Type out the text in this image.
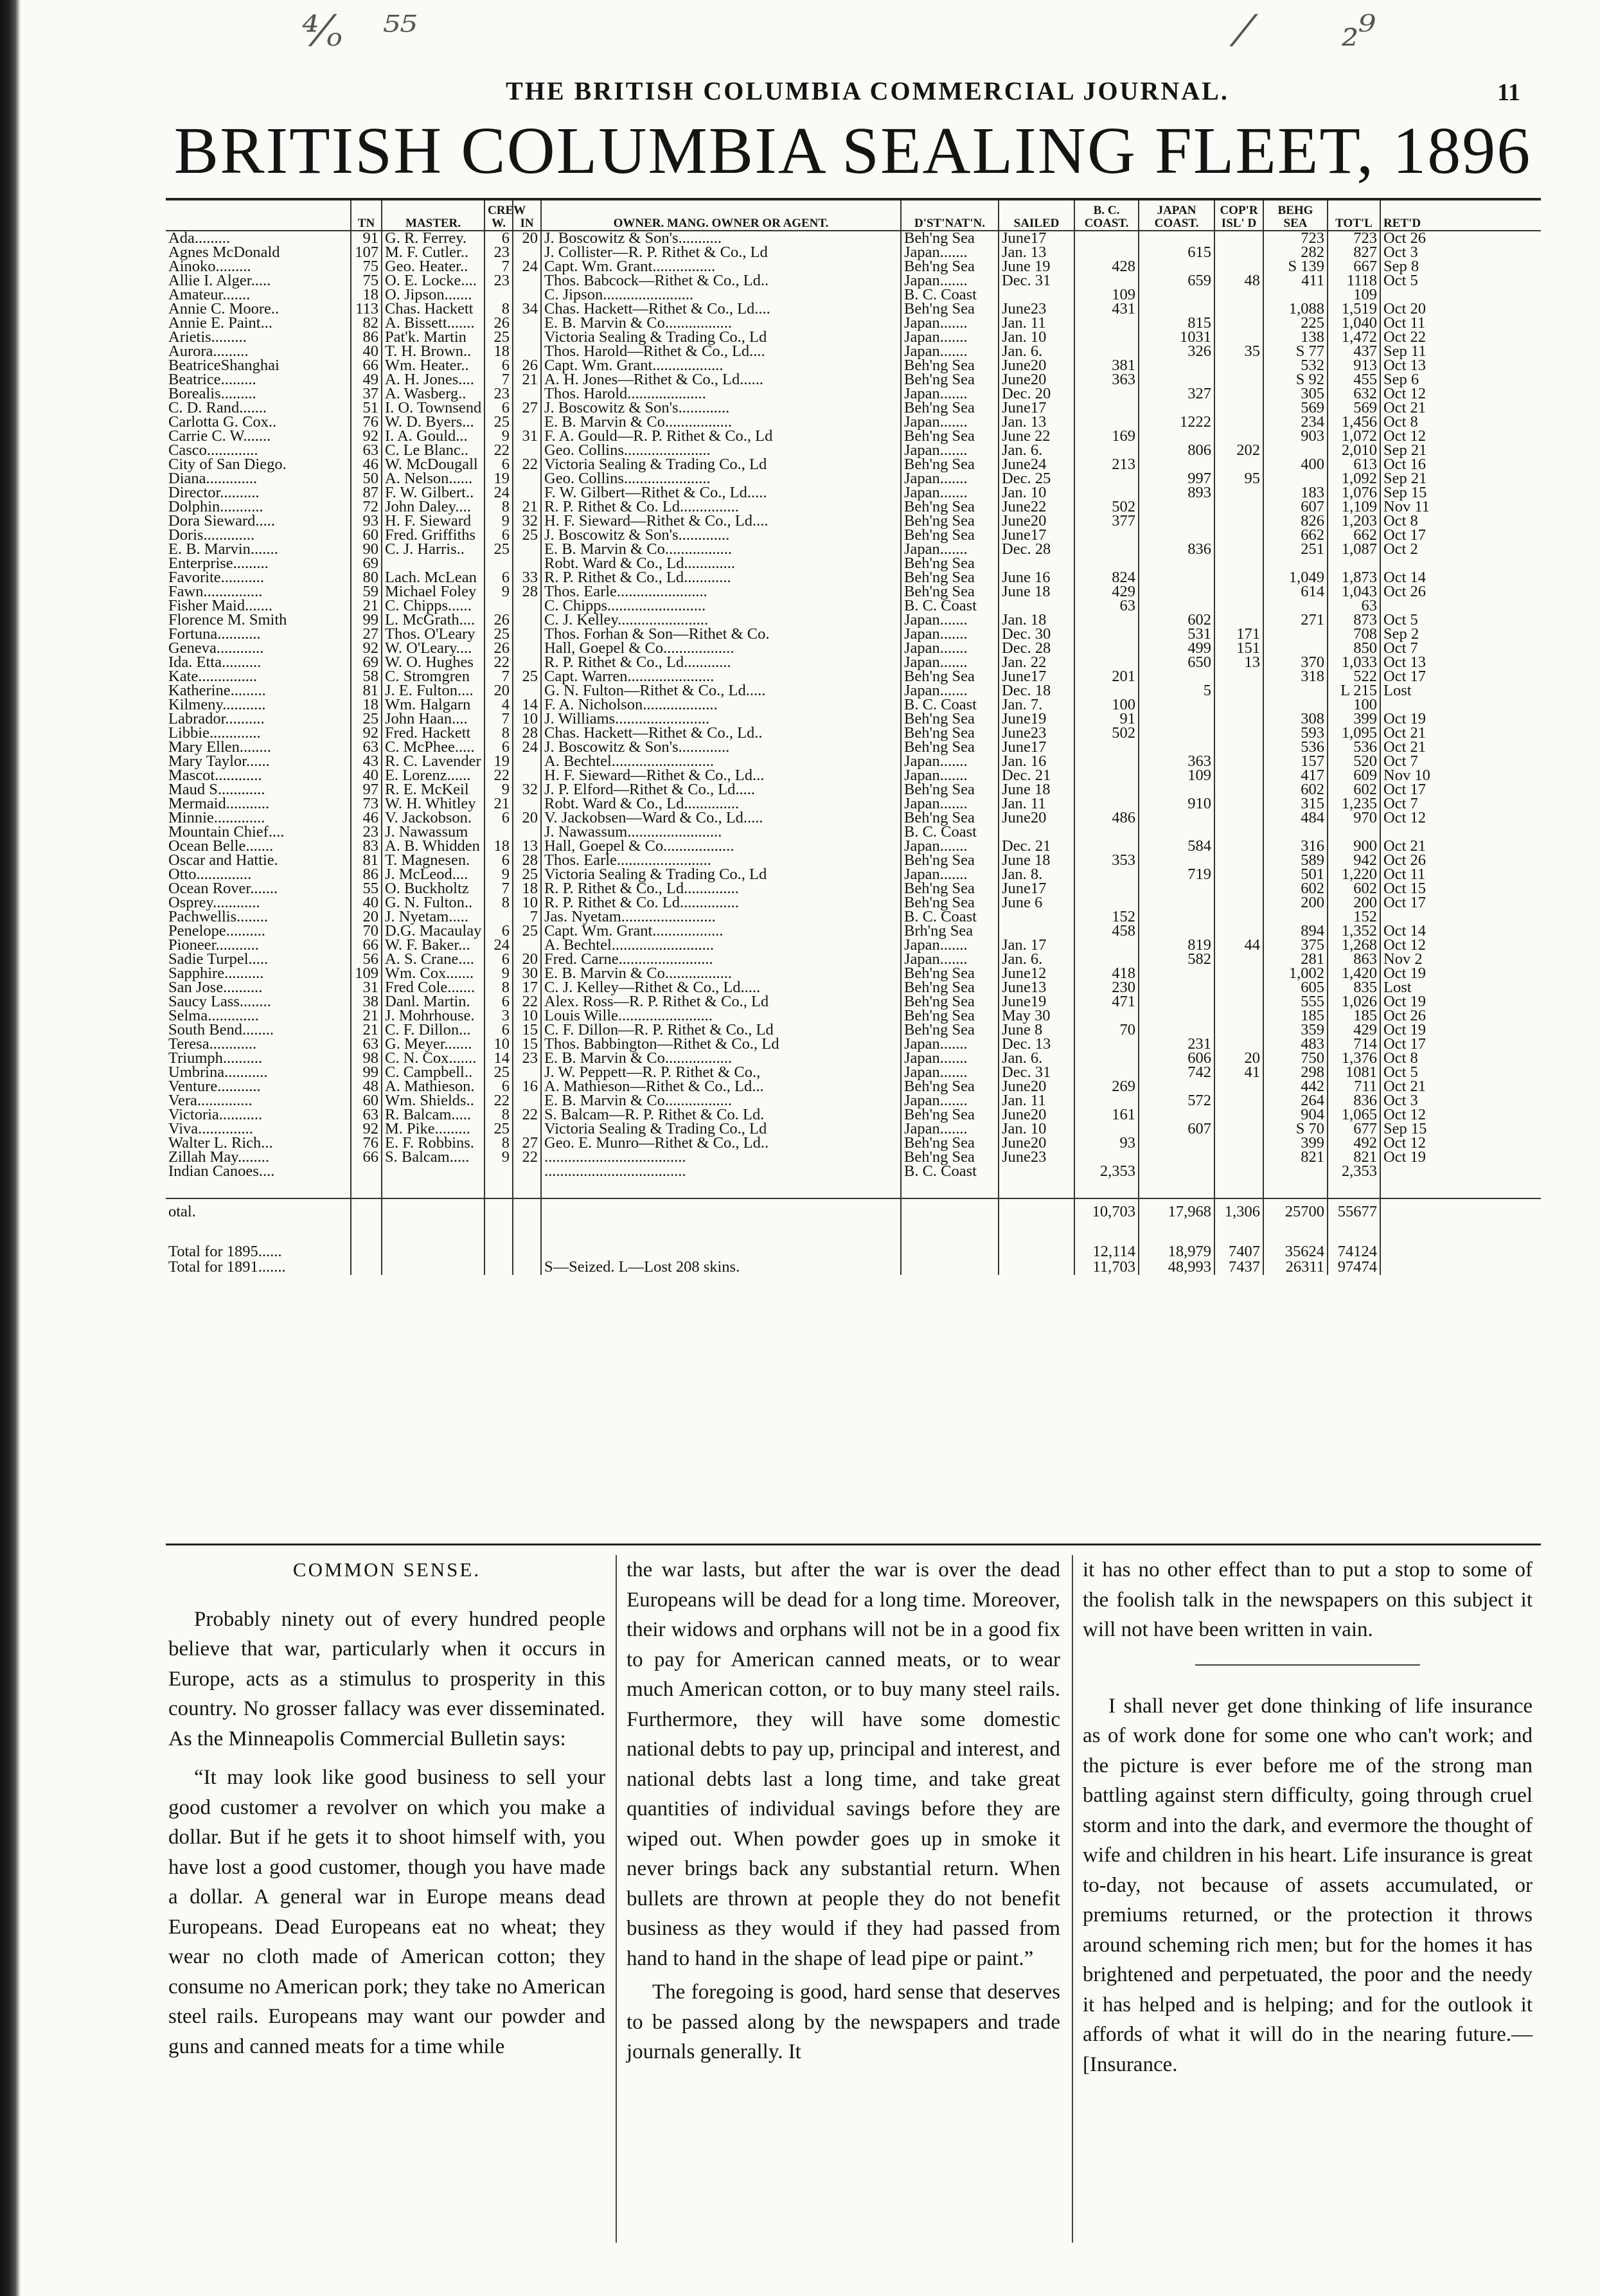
⁴⁄ₒ   ⁵⁵	⁄       ₂⁹
THE BRITISH COLUMBIA COMMERCIAL JOURNAL.	11
BRITISH COLUMBIA SEALING FLEET, 1896
	TN	MASTER.	CREW
W.	IN	OWNER. MANG. OWNER OR AGENT.	D'ST'NAT'N.	SAILED	B. C. COAST.	JAPAN COAST.	COP'R ISL' D	BEHG SEA	TOT'L	RET'D
Ada.........	91	G. R. Ferrey.	6	20	J. Boscowitz & Son's...........	Beh'ng Sea	June17				723	723	Oct 26
Agnes McDonald	107	M. F. Cutler..	23		J. Collister—R. P. Rithet & Co., Ld	Japan.......	Jan. 13		615		282	827	Oct 3
Ainoko.........	75	Geo. Heater..	7	24	Capt. Wm. Grant................	Beh'ng Sea	June 19	428			S 139	667	Sep 8
Allie I. Alger.....	75	O. E. Locke....	23		Thos. Babcock—Rithet & Co., Ld..	Japan.......	Dec. 31		659	48	411	1118	Oct 5
Amateur.......	18	O. Jipson.......			C. Jipson.......................	B. C. Coast		109				109	
Annie C. Moore..	113	Chas. Hackett	8	34	Chas. Hackett—Rithet & Co., Ld....	Beh'ng Sea	June23	431			1,088	1,519	Oct 20
Annie E. Paint...	82	A. Bissett.......	26		E. B. Marvin & Co.................	Japan.......	Jan. 11		815		225	1,040	Oct 11
Arietis.........	86	Pat'k. Martin	25		Victoria Sealing & Trading Co., Ld	Japan.......	Jan. 10		1031		138	1,472	Oct 22
Aurora.........	40	T. H. Brown..	18		Thos. Harold—Rithet & Co., Ld....	Japan.......	Jan. 6.		326	35	S 77	437	Sep 11
BeatriceShanghai	66	Wm. Heater..	6	26	Capt. Wm. Grant..................	Beh'ng Sea	June20	381			532	913	Oct 13
Beatrice.........	49	A. H. Jones....	7	21	A. H. Jones—Rithet & Co., Ld......	Beh'ng Sea	June20	363			S 92	455	Sep 6
Borealis.........	37	A. Wasberg..	23		Thos. Harold....................	Japan.......	Dec. 20		327		305	632	Oct 12
C. D. Rand.......	51	I. O. Townsend	6	27	J. Boscowitz & Son's.............	Beh'ng Sea	June17				569	569	Oct 21
Carlotta G. Cox..	76	W. D. Byers...	25		E. B. Marvin & Co.................	Japan.......	Jan. 13		1222		234	1,456	Oct 8
Carrie C. W.......	92	I. A. Gould...	9	31	F. A. Gould—R. P. Rithet & Co., Ld	Beh'ng Sea	June 22	169			903	1,072	Oct 12
Casco.............	63	C. Le Blanc..	22		Geo. Collins......................	Japan.......	Jan. 6.		806	202		2,010	Sep 21
City of San Diego.	46	W. McDougall	6	22	Victoria Sealing & Trading Co., Ld	Beh'ng Sea	June24	213			400	613	Oct 16
Diana.............	50	A. Nelson......	19		Geo. Collins......................	Japan.......	Dec. 25		997	95		1,092	Sep 21
Director..........	87	F. W. Gilbert..	24		F. W. Gilbert—Rithet & Co., Ld.....	Japan.......	Jan. 10		893		183	1,076	Sep 15
Dolphin...........	72	John Daley....	8	21	R. P. Rithet & Co. Ld...............	Beh'ng Sea	June22	502			607	1,109	Nov 11
Dora Sieward.....	93	H. F. Sieward	9	32	H. F. Sieward—Rithet & Co., Ld....	Beh'ng Sea	June20	377			826	1,203	Oct 8
Doris.............	60	Fred. Griffiths	6	25	J. Boscowitz & Son's.............	Beh'ng Sea	June17				662	662	Oct 17
E. B. Marvin.......	90	C. J. Harris..	25		E. B. Marvin & Co.................	Japan.......	Dec. 28		836		251	1,087	Oct 2
Enterprise.........	69				Robt. Ward & Co., Ld.............	Beh'ng Sea							
Favorite...........	80	Lach. McLean	6	33	R. P. Rithet & Co., Ld............	Beh'ng Sea	June 16	824			1,049	1,873	Oct 14
Fawn...............	59	Michael Foley	9	28	Thos. Earle.......................	Beh'ng Sea	June 18	429			614	1,043	Oct 26
Fisher Maid.......	21	C. Chipps......			C. Chipps.........................	B. C. Coast		63				63	
Florence M. Smith	99	L. McGrath....	26		C. J. Kelley.......................	Japan.......	Jan. 18		602		271	873	Oct 5
Fortuna...........	27	Thos. O'Leary	25		Thos. Forhan & Son—Rithet & Co.	Japan.......	Dec. 30		531	171		708	Sep 2
Geneva............	92	W. O'Leary....	26		Hall, Goepel & Co..................	Japan.......	Dec. 28		499	151		850	Oct 7
Ida. Etta..........	69	W. O. Hughes	22		R. P. Rithet & Co., Ld............	Japan.......	Jan. 22		650	13	370	1,033	Oct 13
Kate...............	58	C. Stromgren	7	25	Capt. Warren......................	Beh'ng Sea	June17	201			318	522	Oct 17
Katherine.........	81	J. E. Fulton....	20		G. N. Fulton—Rithet & Co., Ld.....	Japan.......	Dec. 18		5			L 215	Lost
Kilmeny...........	18	Wm. Halgarn	4	14	F. A. Nicholson...................	B. C. Coast	Jan. 7.	100				100	
Labrador..........	25	John Haan....	7	10	J. Williams........................	Beh'ng Sea	June19	91			308	399	Oct 19
Libbie.............	92	Fred. Hackett	8	28	Chas. Hackett—Rithet & Co., Ld..	Beh'ng Sea	June23	502			593	1,095	Oct 21
Mary Ellen........	63	C. McPhee.....	6	24	J. Boscowitz & Son's.............	Beh'ng Sea	June17				536	536	Oct 21
Mary Taylor......	43	R. C. Lavender	19		A. Bechtel..........................	Japan.......	Jan. 16		363		157	520	Oct 7
Mascot............	40	E. Lorenz......	22		H. F. Sieward—Rithet & Co., Ld...	Japan.......	Dec. 21		109		417	609	Nov 10
Maud S............	97	R. E. McKeil	9	32	J. P. Elford—Rithet & Co., Ld.....	Beh'ng Sea	June 18				602	602	Oct 17
Mermaid...........	73	W. H. Whitley	21		Robt. Ward & Co., Ld..............	Japan.......	Jan. 11		910		315	1,235	Oct 7
Minnie.............	46	V. Jackobson.	6	20	V. Jackobsen—Ward & Co., Ld.....	Beh'ng Sea	June20	486			484	970	Oct 12
Mountain Chief....	23	J. Nawassum			J. Nawassum........................	B. C. Coast							
Ocean Belle.......	83	A. B. Whidden	18	13	Hall, Goepel & Co..................	Japan.......	Dec. 21		584		316	900	Oct 21
Oscar and Hattie.	81	T. Magnesen.	6	28	Thos. Earle........................	Beh'ng Sea	June 18	353			589	942	Oct 26
Otto..............	86	J. McLeod....	9	25	Victoria Sealing & Trading Co., Ld	Japan.......	Jan. 8.		719		501	1,220	Oct 11
Ocean Rover.......	55	O. Buckholtz	7	18	R. P. Rithet & Co., Ld..............	Beh'ng Sea	June17				602	602	Oct 15
Osprey............	40	G. N. Fulton..	8	10	R. P. Rithet & Co. Ld...............	Beh'ng Sea	June 6				200	200	Oct 17
Pachwellis........	20	J. Nyetam.....		7	Jas. Nyetam........................	B. C. Coast		152				152	
Penelope..........	70	D.G. Macaulay	6	25	Capt. Wm. Grant..................	Brh'ng Sea		458			894	1,352	Oct 14
Pioneer...........	66	W. F. Baker...	24		A. Bechtel..........................	Japan.......	Jan. 17		819	44	375	1,268	Oct 12
Sadie Turpel.....	56	A. S. Crane....	6	20	Fred. Carne........................	Japan.......	Jan. 6.		582		281	863	Nov 2
Sapphire..........	109	Wm. Cox.......	9	30	E. B. Marvin & Co.................	Beh'ng Sea	June12	418			1,002	1,420	Oct 19
San Jose..........	31	Fred Cole.......	8	17	C. J. Kelley—Rithet & Co., Ld.....	Beh'ng Sea	June13	230			605	835	Lost
Saucy Lass........	38	Danl. Martin.	6	22	Alex. Ross—R. P. Rithet & Co., Ld	Beh'ng Sea	June19	471			555	1,026	Oct 19
Selma.............	21	J. Mohrhouse.	3	10	Louis Wille........................	Beh'ng Sea	May 30				185	185	Oct 26
South Bend........	21	C. F. Dillon...	6	15	C. F. Dillon—R. P. Rithet & Co., Ld	Beh'ng Sea	June 8	70			359	429	Oct 19
Teresa............	63	G. Meyer.......	10	15	Thos. Babbington—Rithet & Co., Ld	Japan.......	Dec. 13		231		483	714	Oct 17
Triumph..........	98	C. N. Cox.......	14	23	E. B. Marvin & Co.................	Japan.......	Jan. 6.		606	20	750	1,376	Oct 8
Umbrina...........	99	C. Campbell..	25		J. W. Peppett—R. P. Rithet & Co.,	Japan.......	Dec. 31		742	41	298	1081	Oct 5
Venture...........	48	A. Mathieson.	6	16	A. Mathieson—Rithet & Co., Ld...	Beh'ng Sea	June20	269			442	711	Oct 21
Vera..............	60	Wm. Shields..	22		E. B. Marvin & Co.................	Japan.......	Jan. 11		572		264	836	Oct 3
Victoria...........	63	R. Balcam.....	8	22	S. Balcam—R. P. Rithet & Co. Ld.	Beh'ng Sea	June20	161			904	1,065	Oct 12
Viva..............	92	M. Pike.........	25		Victoria Sealing & Trading Co., Ld	Japan.......	Jan. 10		607		S 70	677	Sep 15
Walter L. Rich...	76	E. F. Robbins.	8	27	Geo. E. Munro—Rithet & Co., Ld..	Beh'ng Sea	June20	93			399	492	Oct 12
Zillah May........	66	S. Balcam.....	9	22	....................................	Beh'ng Sea	June23				821	821	Oct 19
Indian Canoes....					....................................	B. C. Coast		2,353				2,353	

otal.								10,703	17,968	1,306	25700	55677	

Total for 1895......								12,114	18,979	7407	35624	74124	
Total for 1891.......					S—Seized. L—Lost 208 skins.			11,703	48,993	7437	26311	97474	

COMMON SENSE.

Probably ninety out of every hundred people believe that war, particularly when it occurs in Europe, acts as a stimulus to prosperity in this country. No grosser fallacy was ever disseminated. As the Minneapolis Commercial Bulletin says:

“It may look like good business to sell your good customer a revolver on which you make a dollar. But if he gets it to shoot himself with, you have lost a good customer, though you have made a dollar. A general war in Europe means dead Europeans. Dead Europeans eat no wheat; they wear no cloth made of American cotton; they consume no American pork; they take no American steel rails. Europeans may want our powder and guns and canned meats for a time while

the war lasts, but after the war is over the dead Europeans will be dead for a long time. Moreover, their widows and orphans will not be in a good fix to pay for American canned meats, or to wear much American cotton, or to buy many steel rails. Furthermore, they will have some domestic national debts to pay up, principal and interest, and national debts last a long time, and take great quantities of individual savings before they are wiped out. When powder goes up in smoke it never brings back any substantial return. When bullets are thrown at people they do not benefit business as they would if they had passed from hand to hand in the shape of lead pipe or paint.”

The foregoing is good, hard sense that deserves to be passed along by the newspapers and trade journals generally. It

it has no other effect than to put a stop to some of the foolish talk in the newspapers on this subject it will not have been written in vain.

I shall never get done thinking of life insurance as of work done for some one who can't work; and the picture is ever before me of the strong man battling against stern difficulty, going through cruel storm and into the dark, and evermore the thought of wife and children in his heart. Life insurance is great to-day, not because of assets accumulated, or premiums returned, or the protection it throws around scheming rich men; but for the homes it has brightened and perpetuated, the poor and the needy it has helped and is helping; and for the outlook it affords of what it will do in the nearing future.—[Insurance.
